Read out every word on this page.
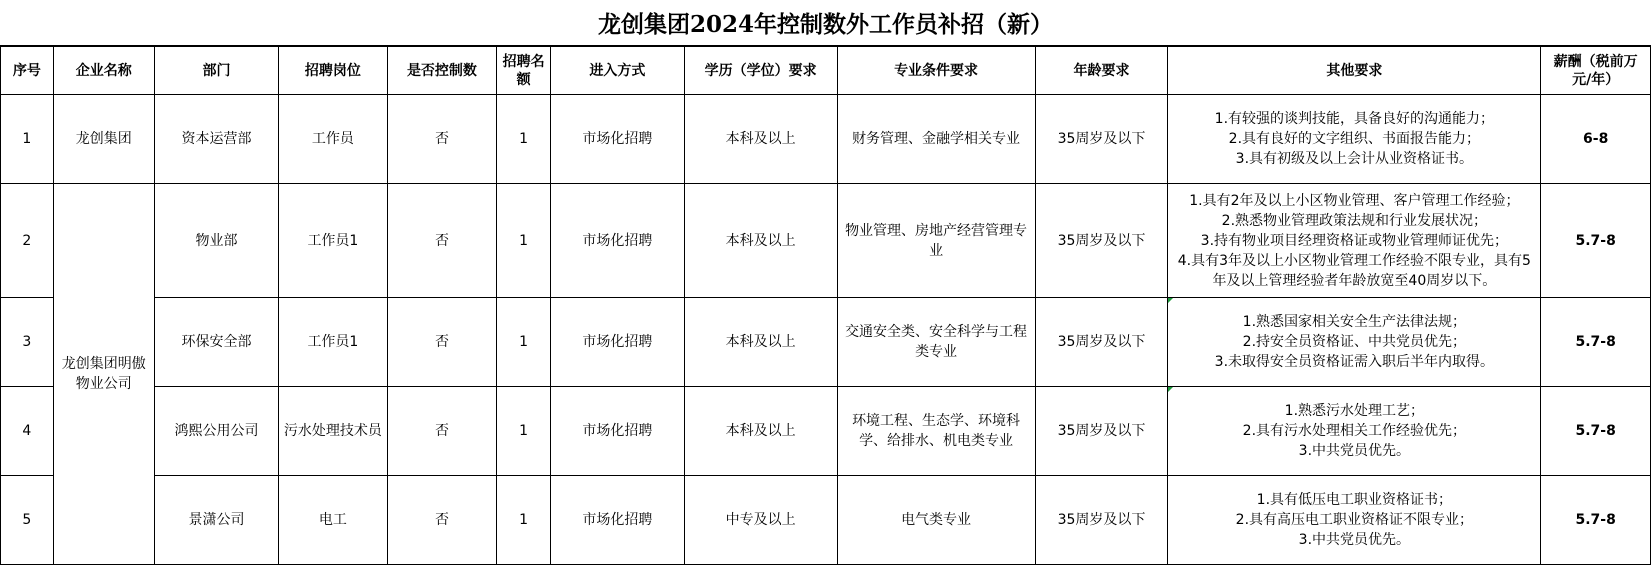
龙创集团2024年控制数外工作员补招（新）
序号	企业名称	部门	招聘岗位	是否控制数	招聘名额	进入方式	学历（学位）要求	专业条件要求	年龄要求	其他要求	薪酬（税前万元/年）
1	龙创集团	资本运营部	工作员	否	1	市场化招聘	本科及以上	财务管理、金融学相关专业	35周岁及以下	1.有较强的谈判技能，具备良好的沟通能力；
2.具有良好的文字组织、书面报告能力；
3.具有初级及以上会计从业资格证书。	6-8
2	龙创集团明傲物业公司	物业部	工作员1	否	1	市场化招聘	本科及以上	物业管理、房地产经营管理专业	35周岁及以下	1.具有2年及以上小区物业管理、客户管理工作经验；
2.熟悉物业管理政策法规和行业发展状况；
3.持有物业项目经理资格证或物业管理师证优先；
4.具有3年及以上小区物业管理工作经验不限专业，具有5年及以上管理经验者年龄放宽至40周岁以下。	5.7-8
3		环保安全部	工作员1	否	1	市场化招聘	本科及以上	交通安全类、安全科学与工程类专业	35周岁及以下	1.熟悉国家相关安全生产法律法规；
2.持安全员资格证、中共党员优先；
3.未取得安全员资格证需入职后半年内取得。	5.7-8
4		鸿熙公用公司	污水处理技术员	否	1	市场化招聘	本科及以上	环境工程、生态学、环境科学、给排水、机电类专业	35周岁及以下	1.熟悉污水处理工艺；
2.具有污水处理相关工作经验优先；
3.中共党员优先。	5.7-8
5		景潇公司	电工	否	1	市场化招聘	中专及以上	电气类专业	35周岁及以下	1.具有低压电工职业资格证书；
2.具有高压电工职业资格证不限专业；
3.中共党员优先。	5.7-8
